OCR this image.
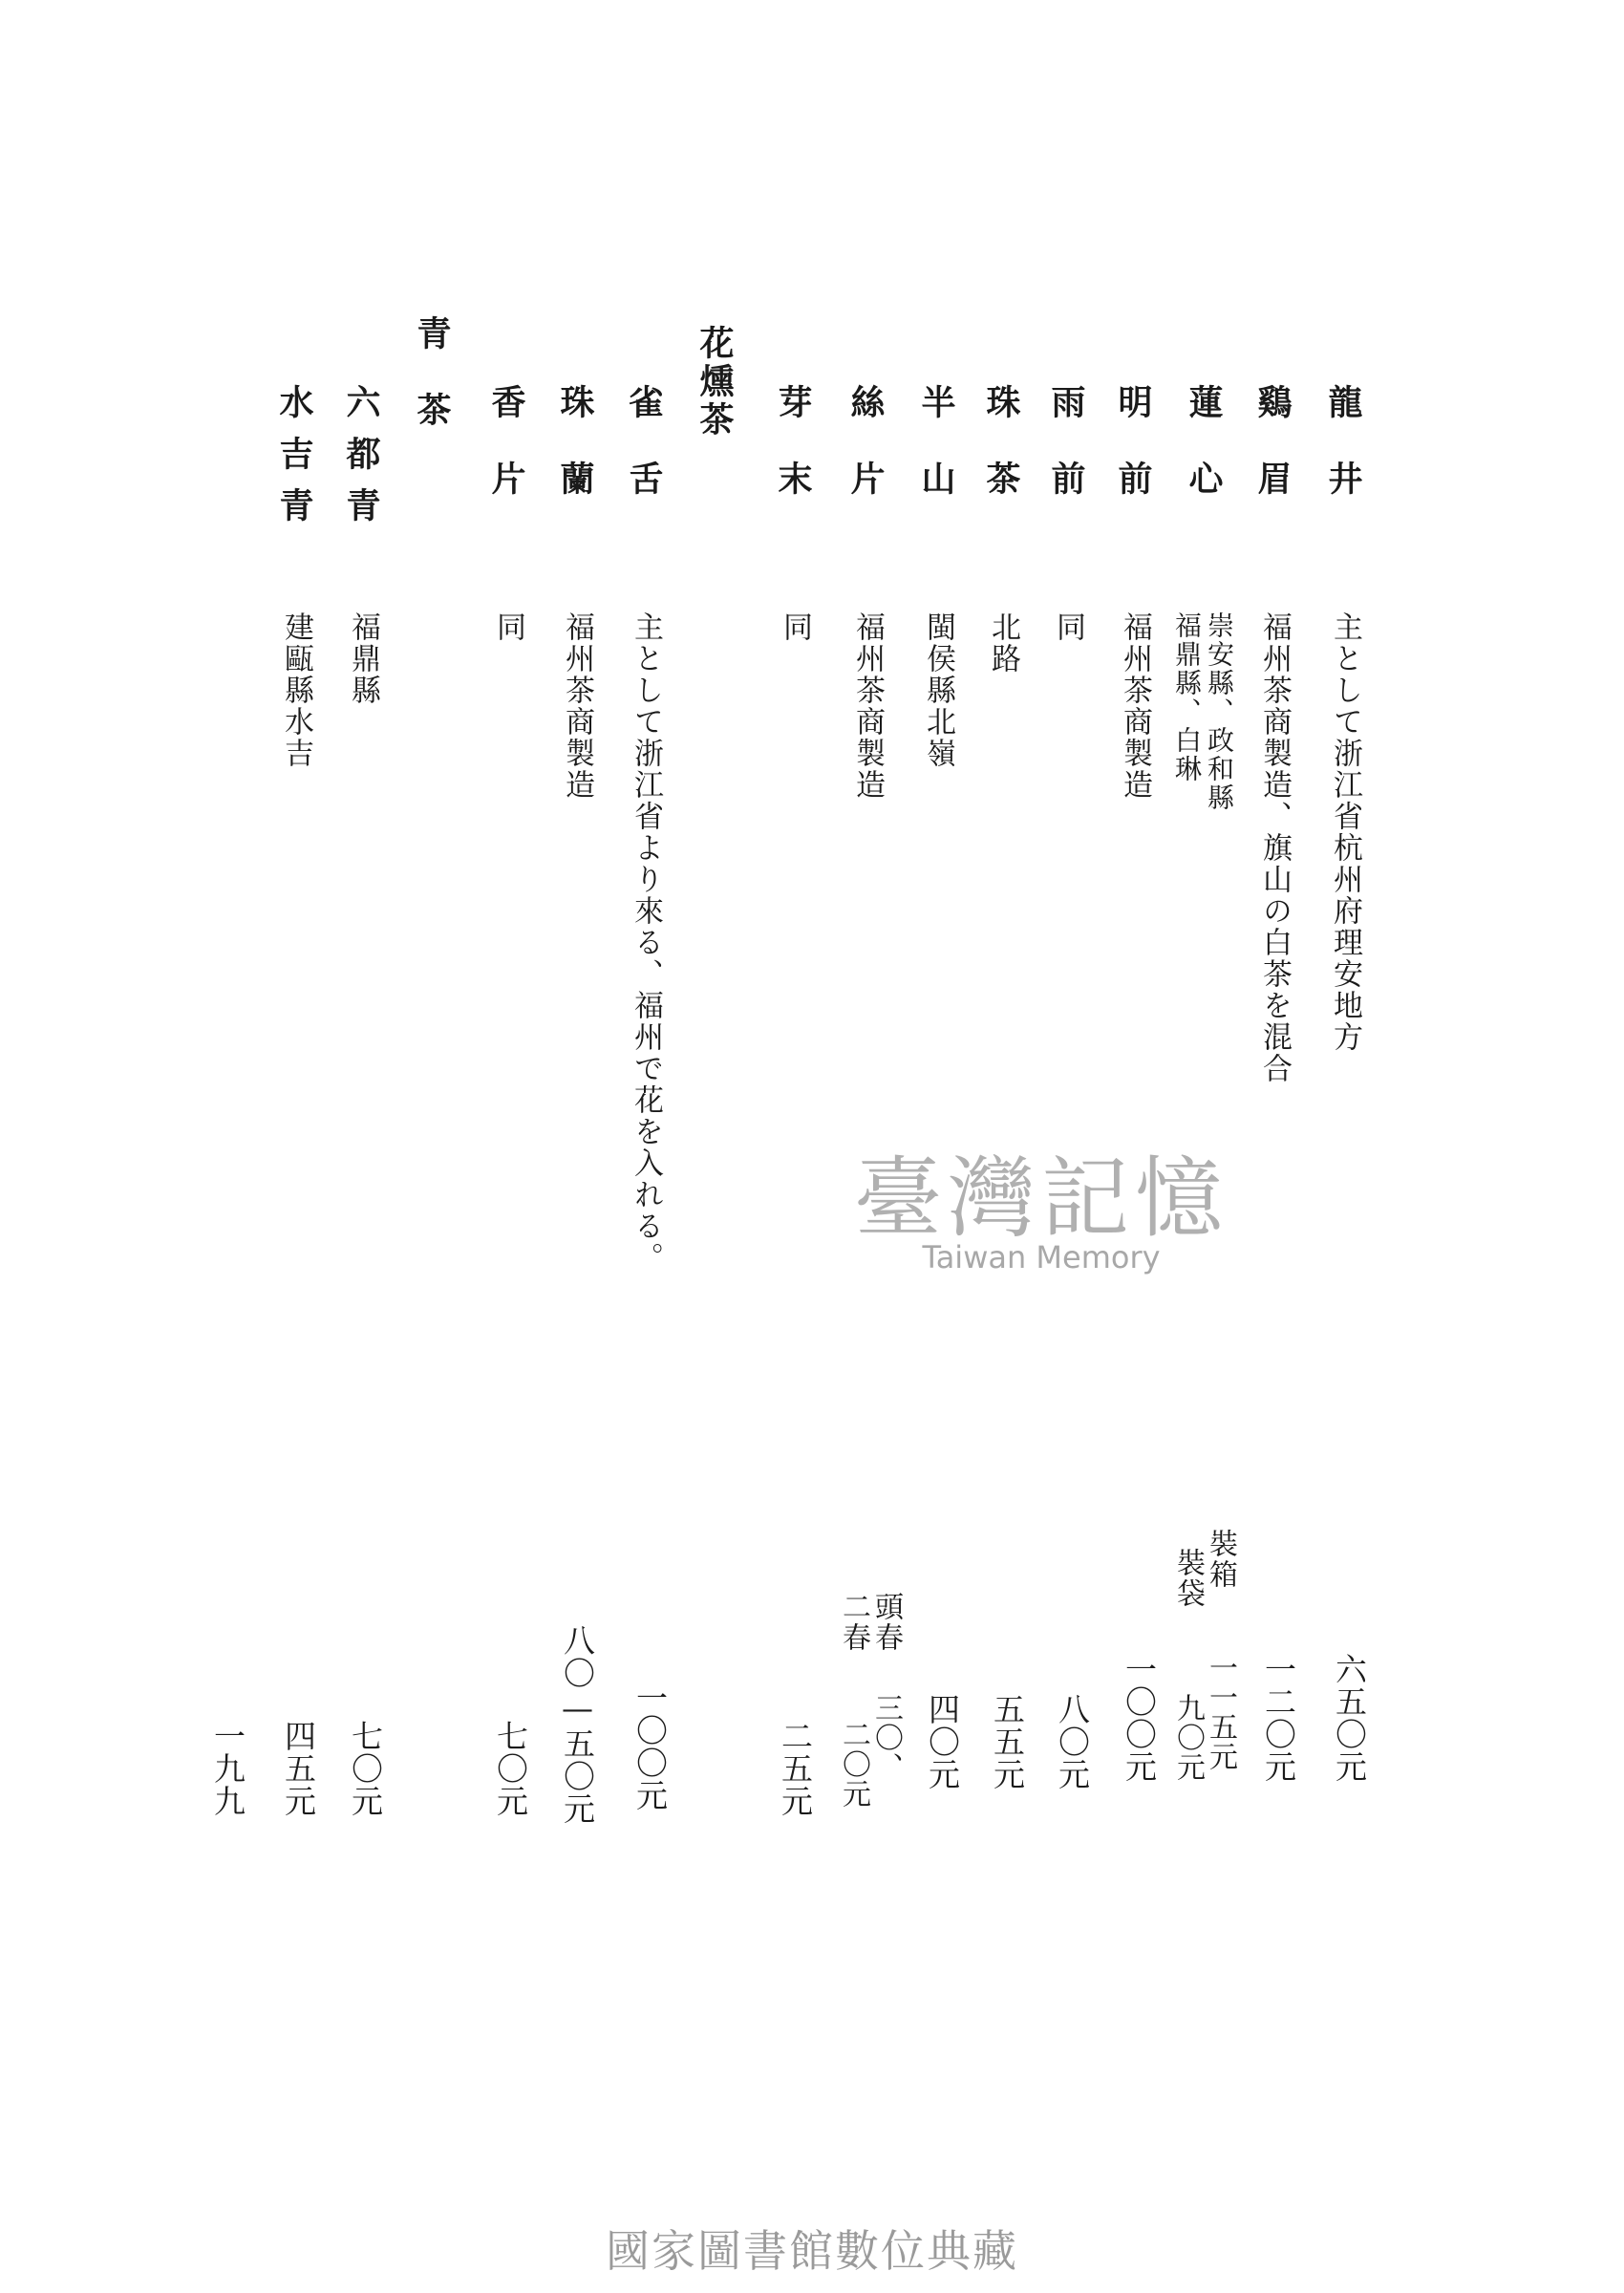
龍　井
主として浙江省杭州府理安地方
六五〇元
鷄　眉
福州茶商製造、旗山の白茶を混合
一二〇元
蓮　心
崇安縣、政和縣
福鼎縣、白琳
裝箱
裝袋
一一五元
九〇元
明　前
福州茶商製造
一〇〇元
雨　前
同
八〇元
珠　茶
北路
五五元
半　山
閩侯縣北嶺
四〇元
絲　片
福州茶商製造
頭春
三〇、
二〇元
芽　末
同
二春
二五元
花燻茶
雀　舌
主として浙江省より來る、福州で花を入れる。
一〇〇元
珠　蘭
福州茶商製造
八〇—五〇元
香　片
同
七〇元
青　茶
六都青
福鼎縣
七〇元
水吉青
建甌縣水吉
四五元
一九九
臺灣記憶
Taiwan Memory
國家圖書館數位典藏
